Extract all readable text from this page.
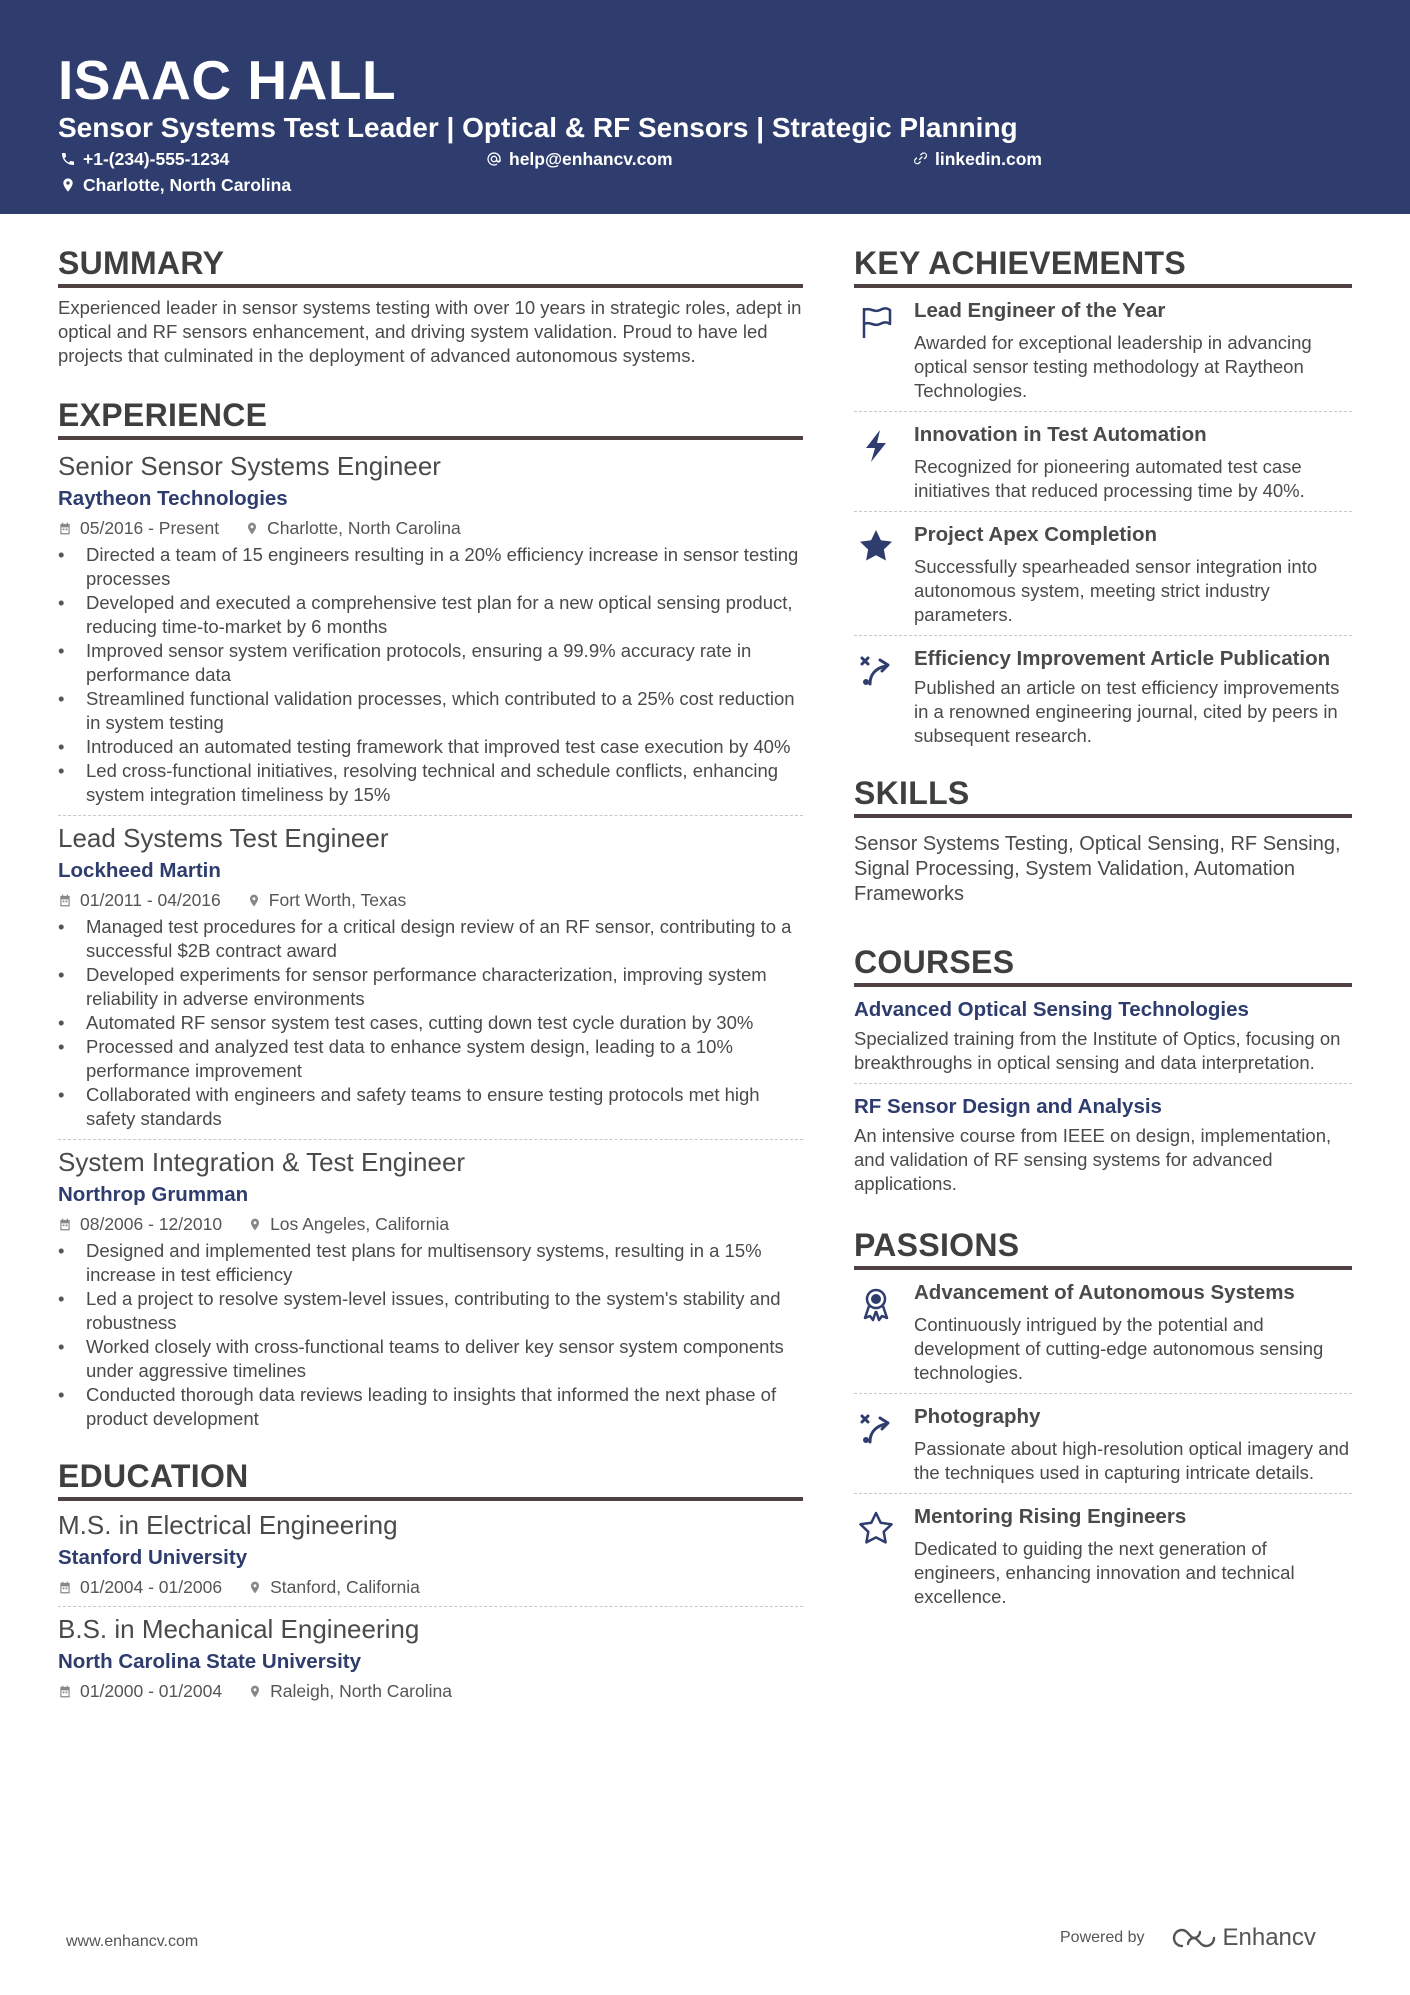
ISAAC HALL
Sensor Systems Test Leader | Optical & RF Sensors | Strategic Planning
+1-(234)-555-1234	help@enhancv.com	linkedin.com
Charlotte, North Carolina
SUMMARY
Experienced leader in sensor systems testing with over 10 years in strategic roles, adept in optical and RF sensors enhancement, and driving system validation. Proud to have led projects that culminated in the deployment of advanced autonomous systems.
EXPERIENCE
Senior Sensor Systems Engineer
Raytheon Technologies
05/2016 - Present	Charlotte, North Carolina
• Directed a team of 15 engineers resulting in a 20% efficiency increase in sensor testing processes
• Developed and executed a comprehensive test plan for a new optical sensing product, reducing time-to-market by 6 months
• Improved sensor system verification protocols, ensuring a 99.9% accuracy rate in performance data
• Streamlined functional validation processes, which contributed to a 25% cost reduction in system testing
• Introduced an automated testing framework that improved test case execution by 40%
• Led cross-functional initiatives, resolving technical and schedule conflicts, enhancing system integration timeliness by 15%
Lead Systems Test Engineer
Lockheed Martin
01/2011 - 04/2016	Fort Worth, Texas
• Managed test procedures for a critical design review of an RF sensor, contributing to a successful $2B contract award
• Developed experiments for sensor performance characterization, improving system reliability in adverse environments
• Automated RF sensor system test cases, cutting down test cycle duration by 30%
• Processed and analyzed test data to enhance system design, leading to a 10% performance improvement
• Collaborated with engineers and safety teams to ensure testing protocols met high safety standards
System Integration & Test Engineer
Northrop Grumman
08/2006 - 12/2010	Los Angeles, California
• Designed and implemented test plans for multisensory systems, resulting in a 15% increase in test efficiency
• Led a project to resolve system-level issues, contributing to the system's stability and robustness
• Worked closely with cross-functional teams to deliver key sensor system components under aggressive timelines
• Conducted thorough data reviews leading to insights that informed the next phase of product development
EDUCATION
M.S. in Electrical Engineering
Stanford University
01/2004 - 01/2006	Stanford, California
B.S. in Mechanical Engineering
North Carolina State University
01/2000 - 01/2004	Raleigh, North Carolina
KEY ACHIEVEMENTS
Lead Engineer of the Year
Awarded for exceptional leadership in advancing optical sensor testing methodology at Raytheon Technologies.
Innovation in Test Automation
Recognized for pioneering automated test case initiatives that reduced processing time by 40%.
Project Apex Completion
Successfully spearheaded sensor integration into autonomous system, meeting strict industry parameters.
Efficiency Improvement Article Publication
Published an article on test efficiency improvements in a renowned engineering journal, cited by peers in subsequent research.
SKILLS
Sensor Systems Testing, Optical Sensing, RF Sensing, Signal Processing, System Validation, Automation Frameworks
COURSES
Advanced Optical Sensing Technologies
Specialized training from the Institute of Optics, focusing on breakthroughs in optical sensing and data interpretation.
RF Sensor Design and Analysis
An intensive course from IEEE on design, implementation, and validation of RF sensing systems for advanced applications.
PASSIONS
Advancement of Autonomous Systems
Continuously intrigued by the potential and development of cutting-edge autonomous sensing technologies.
Photography
Passionate about high-resolution optical imagery and the techniques used in capturing intricate details.
Mentoring Rising Engineers
Dedicated to guiding the next generation of engineers, enhancing innovation and technical excellence.
www.enhancv.com	Powered by	Enhancv
